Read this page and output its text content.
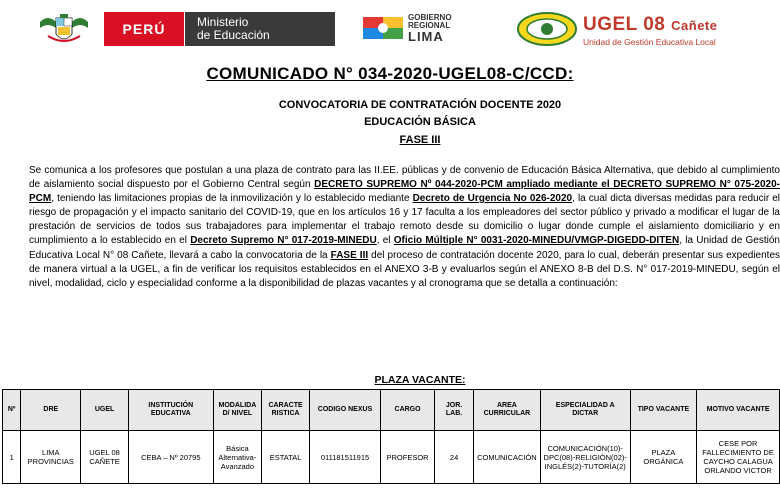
PERÚ	Ministerio
de Educación
GOBIERNO
REGIONAL
LIMA
UGEL 08 Cañete
Unidad de Gestión Educativa Local
COMUNICADO N° 034-2020-UGEL08-C/CCD:
CONVOCATORIA DE CONTRATACIÓN DOCENTE 2020
EDUCACIÓN BÁSICA
FASE III
Se comunica a los profesores que postulan a una plaza de contrato para las II.EE. públicas y de convenio de Educación Básica Alternativa, que debido al cumplimiento de aislamiento social dispuesto por el Gobierno Central según DECRETO SUPREMO Nº 044-2020-PCM ampliado mediante el DECRETO SUPREMO N° 075-2020-PCM, teniendo las limitaciones propias de la inmovilización y lo establecido mediante Decreto de Urgencia No 026-2020, la cual dicta diversas medidas para reducir el riesgo de propagación y el impacto sanitario del COVID-19, que en los artículos 16 y 17 faculta a los empleadores del sector público y privado a modificar el lugar de la prestación de servicios de todos sus trabajadores para implementar el trabajo remoto desde su domicilio o lugar donde cumple el aislamiento domiciliario y en cumplimiento a lo establecido en el Decreto Supremo N° 017-2019-MINEDU, el Oficio Múltiple N° 0031-2020-MINEDU/VMGP-DIGEDD-DITEN, la Unidad de Gestión Educativa Local N° 08 Cañete, llevará a cabo la convocatoria de la FASE III del proceso de contratación docente 2020, para lo cual, deberán presentar sus expedientes de manera virtual a la UGEL, a fin de verificar los requisitos establecidos en el ANEXO 3-B y evaluarlos según el ANEXO 8-B del D.S. N° 017-2019-MINEDU, según el nivel, modalidad, ciclo y especialidad conforme a la disponibilidad de plazas vacantes y al cronograma que se detalla a continuación:
PLAZA VACANTE:
Nº	DRE	UGEL	INSTITUCIÓN EDUCATIVA	MODALIDA D/ NIVEL	CARACTE RISTICA	CODIGO NEXUS	CARGO	JOR. LAB.	AREA CURRICULAR	ESPECIALIDAD A DICTAR	TIPO VACANTE	MOTIVO VACANTE
1	LIMA PROVINCIAS	UGEL 08 CAÑETE	CEBA – Nº 20795	Básica Alternativa-Avanzado	ESTATAL	011181511915	PROFESOR	24	COMUNICACIÓN	COMUNICACIÓN(10)-DPC(08)-RELIGIÓN(02)-INGLÉS(2)-TUTORÍA(2)	PLAZA ORGÁNICA	CESE POR FALLECIMIENTO DE CAYCHO CALAGUA ORLANDO VICTOR
